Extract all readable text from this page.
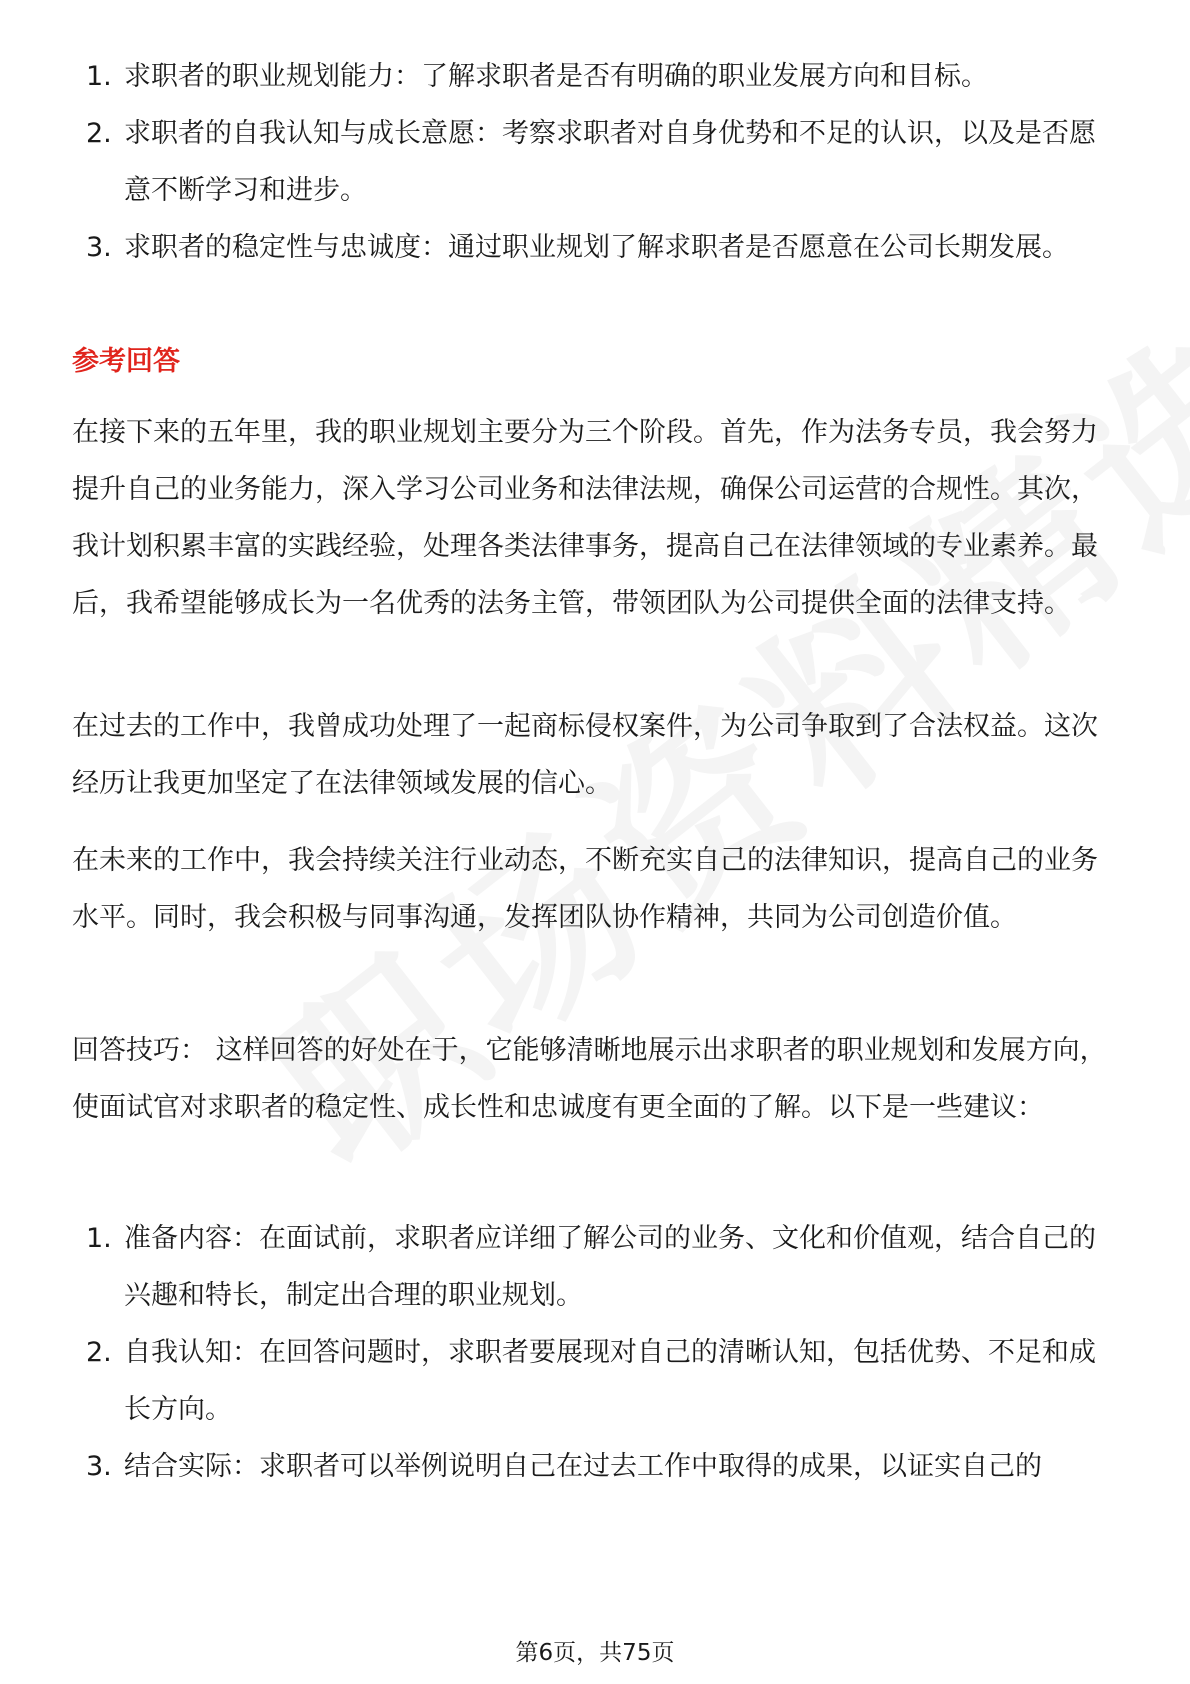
1. 求职者的职业规划能力：了解求职者是否有明确的职业发展方向和目标。
2. 求职者的自我认知与成长意愿：考察求职者对自身优势和不足的认识，以及是否愿意不断学习和进步。
3. 求职者的稳定性与忠诚度：通过职业规划了解求职者是否愿意在公司长期发展。
参考回答

在接下来的五年里，我的职业规划主要分为三个阶段。首先，作为法务专员，我会努力提升自己的业务能力，深入学习公司业务和法律法规，确保公司运营的合规性。其次，我计划积累丰富的实践经验，处理各类法律事务，提高自己在法律领域的专业素养。最后，我希望能够成长为一名优秀的法务主管，带领团队为公司提供全面的法律支持。

在过去的工作中，我曾成功处理了一起商标侵权案件，为公司争取到了合法权益。这次经历让我更加坚定了在法律领域发展的信心。

在未来的工作中，我会持续关注行业动态，不断充实自己的法律知识，提高自己的业务水平。同时，我会积极与同事沟通，发挥团队协作精神，共同为公司创造价值。

回答技巧： 这样回答的好处在于，它能够清晰地展示出求职者的职业规划和发展方向，使面试官对求职者的稳定性、成长性和忠诚度有更全面的了解。以下是一些建议：

1. 准备内容：在面试前，求职者应详细了解公司的业务、文化和价值观，结合自己的兴趣和特长，制定出合理的职业规划。
2. 自我认知：在回答问题时，求职者要展现对自己的清晰认知，包括优势、不足和成长方向。
3. 结合实际：求职者可以举例说明自己在过去工作中取得的成果，以证实自己的
第6页，共75页
